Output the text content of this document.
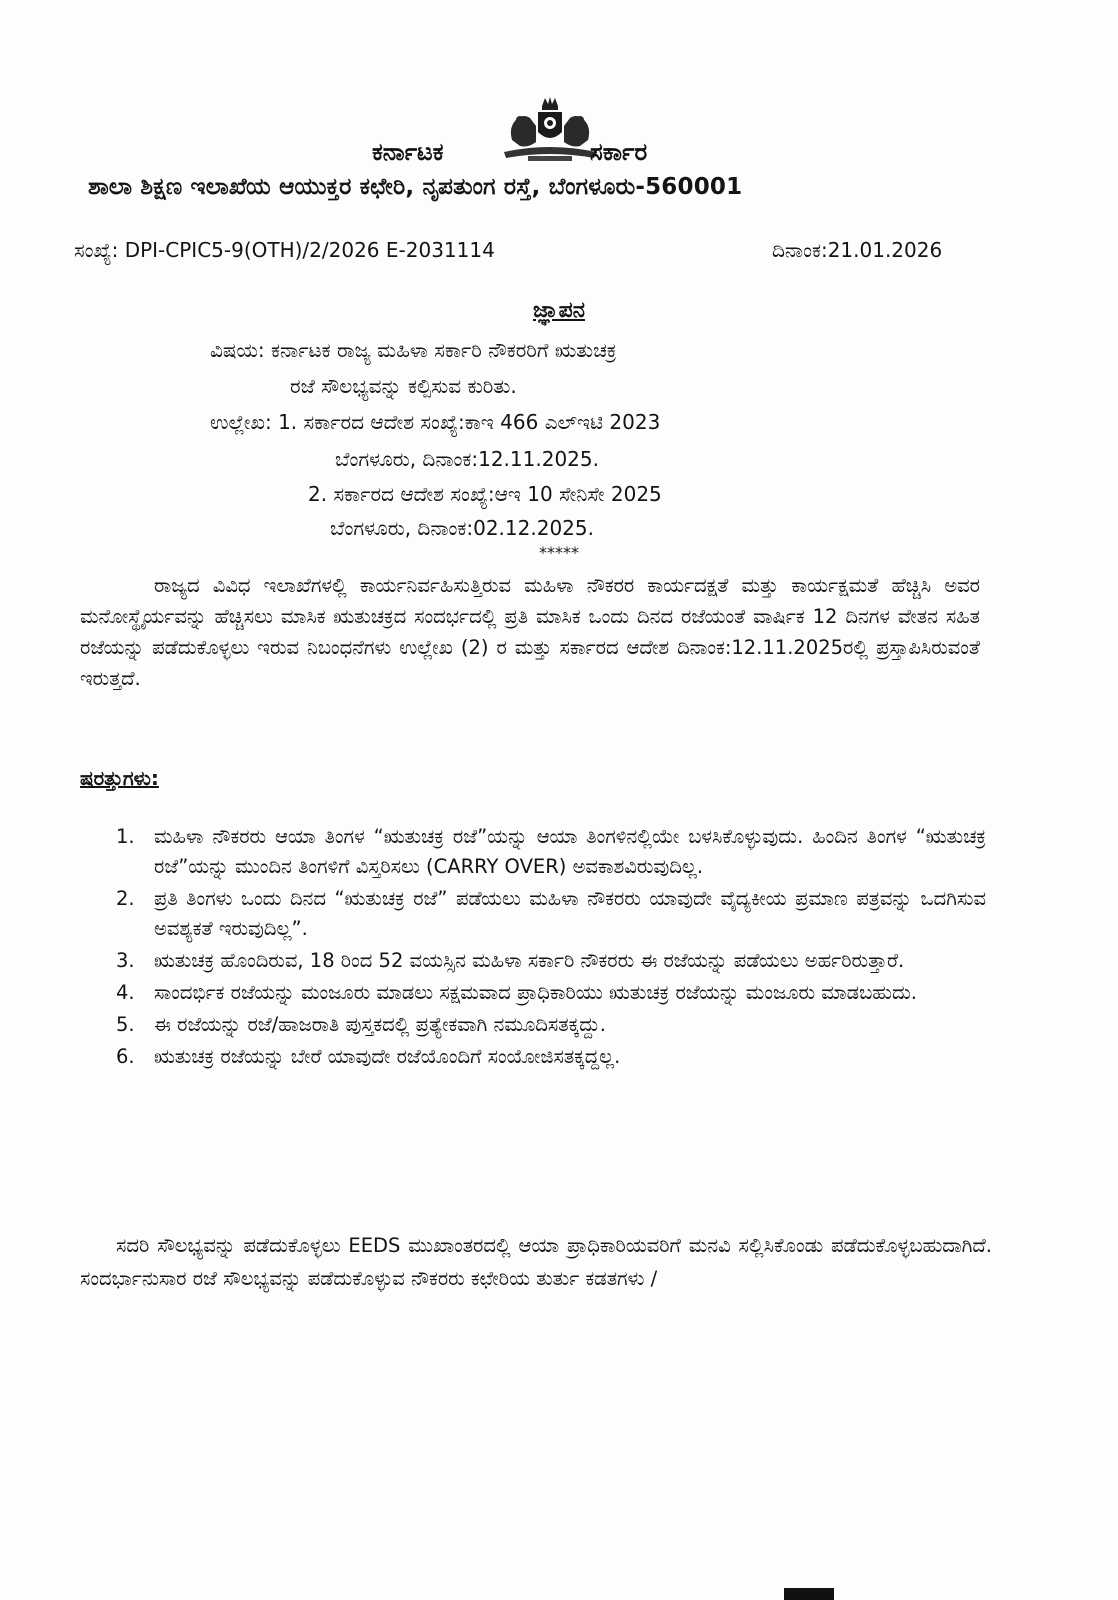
ಕರ್ನಾಟಕ	ಸರ್ಕಾರ
ಶಾಲಾ ಶಿಕ್ಷಣ ಇಲಾಖೆಯ ಆಯುಕ್ತರ ಕಛೇರಿ, ನೃಪತುಂಗ ರಸ್ತೆ, ಬೆಂಗಳೂರು-560001
ಸಂಖ್ಯೆ: DPI-CPIC5-9(OTH)/2/2026 E-2031114	ದಿನಾಂಕ:21.01.2026
ಜ್ಞಾಪನ
ವಿಷಯ: ಕರ್ನಾಟಕ ರಾಜ್ಯ ಮಹಿಳಾ ಸರ್ಕಾರಿ ನೌಕರರಿಗೆ ಋತುಚಕ್ರ
ರಜೆ ಸೌಲಭ್ಯವನ್ನು ಕಲ್ಪಿಸುವ ಕುರಿತು.
ಉಲ್ಲೇಖ: 1. ಸರ್ಕಾರದ ಆದೇಶ ಸಂಖ್ಯೆ:ಕಾಇ 466 ಎಲ್‌ಇಟಿ 2023
ಬೆಂಗಳೂರು, ದಿನಾಂಕ:12.11.2025.
2. ಸರ್ಕಾರದ ಆದೇಶ ಸಂಖ್ಯೆ:ಆಇ 10 ಸೇನಿಸೇ 2025
ಬೆಂಗಳೂರು, ದಿನಾಂಕ:02.12.2025.
*****
ರಾಜ್ಯದ ವಿವಿಧ ಇಲಾಖೆಗಳಲ್ಲಿ ಕಾರ್ಯನಿರ್ವಹಿಸುತ್ತಿರುವ ಮಹಿಳಾ ನೌಕರರ ಕಾರ್ಯದಕ್ಷತೆ ಮತ್ತು ಕಾರ್ಯಕ್ಷಮತೆ ಹೆಚ್ಚಿಸಿ ಅವರ ಮನೋಸ್ಥೈರ್ಯವನ್ನು ಹೆಚ್ಚಿಸಲು ಮಾಸಿಕ ಋತುಚಕ್ರದ ಸಂದರ್ಭದಲ್ಲಿ ಪ್ರತಿ ಮಾಸಿಕ ಒಂದು ದಿನದ ರಜೆಯಂತೆ ವಾರ್ಷಿಕ 12 ದಿನಗಳ ವೇತನ ಸಹಿತ ರಜೆಯನ್ನು ಪಡೆದುಕೊಳ್ಳಲು ಇರುವ ನಿಬಂಧನೆಗಳು ಉಲ್ಲೇಖ (2) ರ ಮತ್ತು ಸರ್ಕಾರದ ಆದೇಶ ದಿನಾಂಕ:12.11.2025ರಲ್ಲಿ ಪ್ರಸ್ತಾಪಿಸಿರುವಂತೆ ಇರುತ್ತದೆ.
ಷರತ್ತುಗಳು:
1. ಮಹಿಳಾ ನೌಕರರು ಆಯಾ ತಿಂಗಳ “ಋತುಚಕ್ರ ರಜೆ”ಯನ್ನು ಆಯಾ ತಿಂಗಳಿನಲ್ಲಿಯೇ ಬಳಸಿಕೊಳ್ಳುವುದು. ಹಿಂದಿನ ತಿಂಗಳ “ಋತುಚಕ್ರ ರಜೆ”ಯನ್ನು ಮುಂದಿನ ತಿಂಗಳಿಗೆ ವಿಸ್ತರಿಸಲು (CARRY OVER) ಅವಕಾಶವಿರುವುದಿಲ್ಲ.
2. ಪ್ರತಿ ತಿಂಗಳು ಒಂದು ದಿನದ “ಋತುಚಕ್ರ ರಜೆ” ಪಡೆಯಲು ಮಹಿಳಾ ನೌಕರರು ಯಾವುದೇ ವೈದ್ಯಕೀಯ ಪ್ರಮಾಣ ಪತ್ರವನ್ನು ಒದಗಿಸುವ ಅವಶ್ಯಕತೆ ಇರುವುದಿಲ್ಲ”.
3. ಋತುಚಕ್ರ ಹೊಂದಿರುವ, 18 ರಿಂದ 52 ವಯಸ್ಸಿನ ಮಹಿಳಾ ಸರ್ಕಾರಿ ನೌಕರರು ಈ ರಜೆಯನ್ನು ಪಡೆಯಲು ಅರ್ಹರಿರುತ್ತಾರೆ.
4. ಸಾಂದರ್ಭಿಕ ರಜೆಯನ್ನು ಮಂಜೂರು ಮಾಡಲು ಸಕ್ಷಮವಾದ ಪ್ರಾಧಿಕಾರಿಯು ಋತುಚಕ್ರ ರಜೆಯನ್ನು ಮಂಜೂರು ಮಾಡಬಹುದು.
5. ಈ ರಜೆಯನ್ನು ರಜೆ/ಹಾಜರಾತಿ ಪುಸ್ತಕದಲ್ಲಿ ಪ್ರತ್ಯೇಕವಾಗಿ ನಮೂದಿಸತಕ್ಕದ್ದು.
6. ಋತುಚಕ್ರ ರಜೆಯನ್ನು ಬೇರೆ ಯಾವುದೇ ರಜೆಯೊಂದಿಗೆ ಸಂಯೋಜಿಸತಕ್ಕದ್ದಲ್ಲ.
ಸದರಿ ಸೌಲಭ್ಯವನ್ನು ಪಡೆದುಕೊಳ್ಳಲು EEDS ಮುಖಾಂತರದಲ್ಲಿ ಆಯಾ ಪ್ರಾಧಿಕಾರಿಯವರಿಗೆ ಮನವಿ ಸಲ್ಲಿಸಿಕೊಂಡು ಪಡೆದುಕೊಳ್ಳಬಹುದಾಗಿದೆ. ಸಂದರ್ಭಾನುಸಾರ ರಜೆ ಸೌಲಭ್ಯವನ್ನು ಪಡೆದುಕೊಳ್ಳುವ ನೌಕರರು ಕಛೇರಿಯ ತುರ್ತು ಕಡತಗಳು /
